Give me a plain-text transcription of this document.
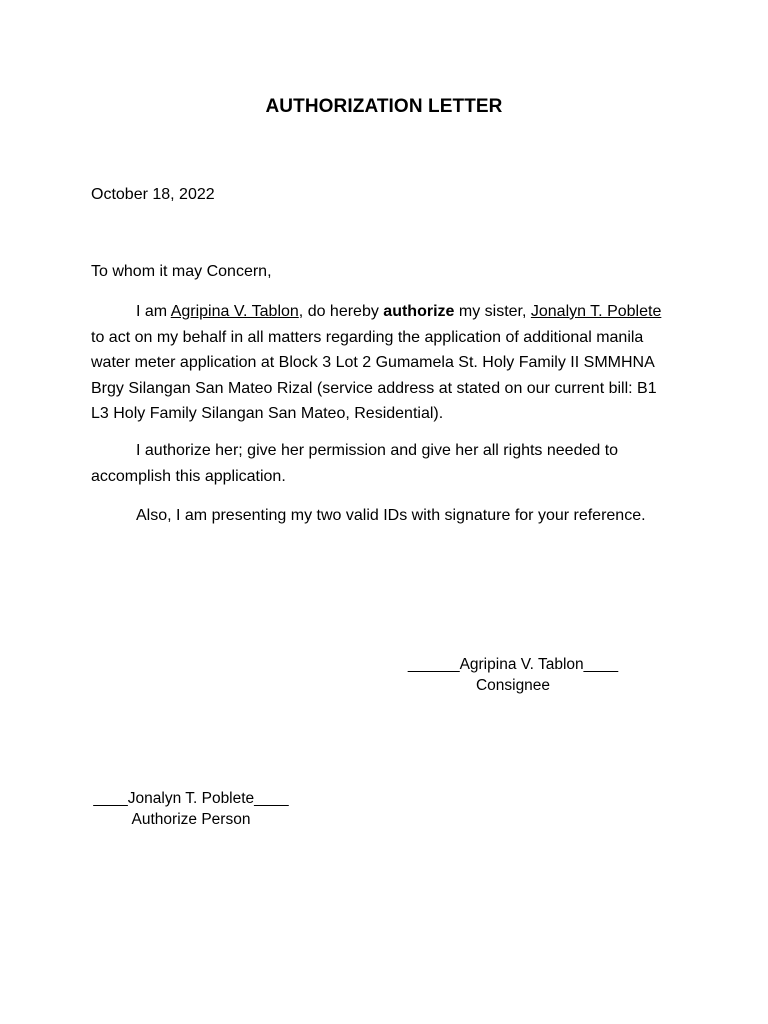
AUTHORIZATION LETTER
October 18, 2022
To whom it may Concern,
I am Agripina V. Tablon, do hereby authorize my sister, Jonalyn T. Poblete to act on my behalf in all matters regarding the application of additional manila water meter application at Block 3 Lot 2 Gumamela St. Holy Family II SMMHNA Brgy Silangan San Mateo Rizal (service address at stated on our current bill: B1 L3 Holy Family Silangan San Mateo, Residential).
I authorize her; give her permission and give her all rights needed to accomplish this application.
Also, I am presenting my two valid IDs with signature for your reference.
______Agripina V. Tablon____
Consignee
____Jonalyn T. Poblete____
Authorize Person
